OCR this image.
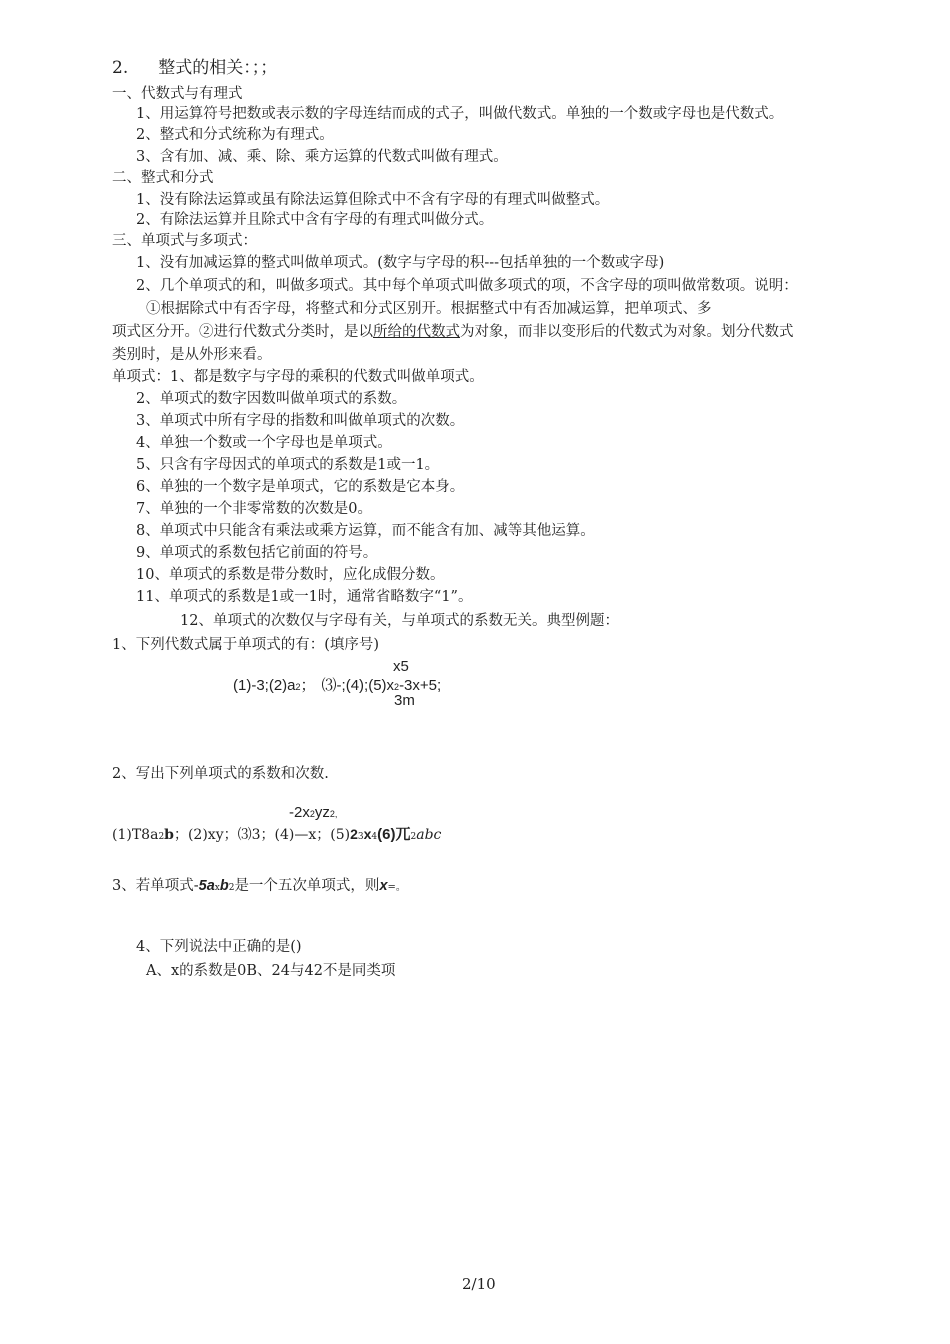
2. 整式的相关：；；
一、代数式与有理式
1、用运算符号把数或表示数的字母连结而成的式子，叫做代数式。单独的一个数或字母也是代数式。
2、整式和分式统称为有理式。
3、含有加、减、乘、除、乘方运算的代数式叫做有理式。
二、整式和分式
1、没有除法运算或虽有除法运算但除式中不含有字母的有理式叫做整式。
2、有除法运算并且除式中含有字母的有理式叫做分式。
三、单项式与多项式：
1、没有加减运算的整式叫做单项式。(数字与字母的积---包括单独的一个数或字母)
2、几个单项式的和，叫做多项式。其中每个单项式叫做多项式的项，不含字母的项叫做常数项。说明：
①根据除式中有否字母，将整式和分式区别开。根据整式中有否加减运算，把单项式、多
项式区分开。②进行代数式分类时，是以所给的代数式为对象，而非以变形后的代数式为对象。划分代数式
类别时，是从外形来看。
单项式：1、都是数字与字母的乘积的代数式叫做单项式。
2、单项式的数字因数叫做单项式的系数。
3、单项式中所有字母的指数和叫做单项式的次数。
4、单独一个数或一个字母也是单项式。
5、只含有字母因式的单项式的系数是1或一1。
6、单独的一个数字是单项式，它的系数是它本身。
7、单独的一个非零常数的次数是0。
8、单项式中只能含有乘法或乘方运算，而不能含有加、减等其他运算。
9、单项式的系数包括它前面的符号。
10、单项式的系数是带分数时，应化成假分数。
11、单项式的系数是1或一1时，通常省略数字“1”。
12、单项式的次数仅与字母有关，与单项式的系数无关。典型例题：
1、下列代数式属于单项式的有：(填序号)
x5
(1)-3;(2)a2； ⑶-;(4);(5)x2-3x+5;
3m
2、写出下列单项式的系数和次数.
-2x2yz2,
(1)T8a2b；(2)xy；⑶3；(4)—x；(5)23x4(6)兀2abc
3、若单项式-5axb2是一个五次单项式，则x=。
4、下列说法中正确的是()
A、x的系数是0B、24与42不是同类项
2/10
